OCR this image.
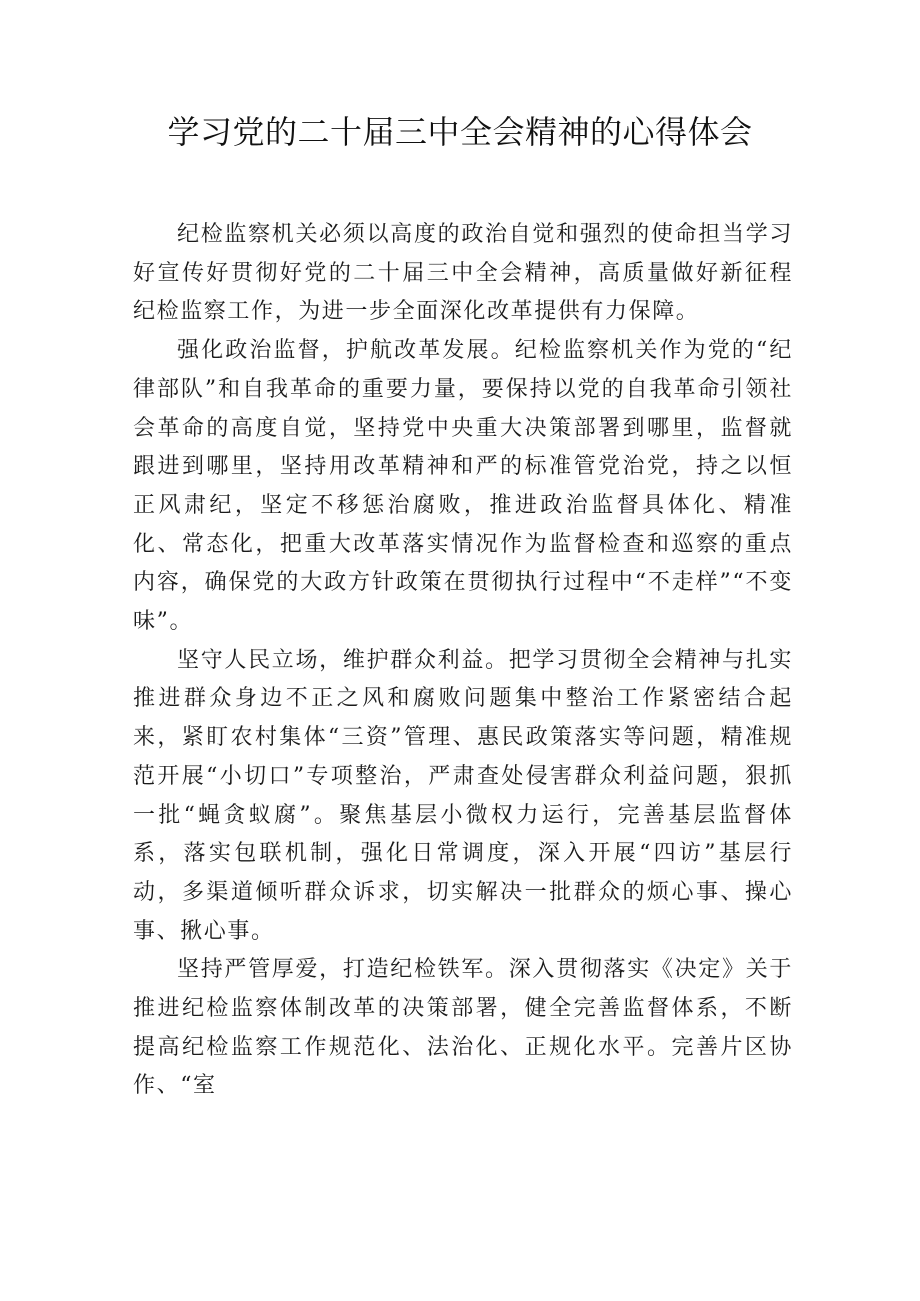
学习党的二十届三中全会精神的心得体会

纪检监察机关必须以高度的政治自觉和强烈的使命担当学习好宣传好贯彻好党的二十届三中全会精神，高质量做好新征程纪检监察工作，为进一步全面深化改革提供有力保障。

强化政治监督，护航改革发展。纪检监察机关作为党的“纪律部队”和自我革命的重要力量，要保持以党的自我革命引领社会革命的高度自觉，坚持党中央重大决策部署到哪里，监督就跟进到哪里，坚持用改革精神和严的标准管党治党，持之以恒正风肃纪，坚定不移惩治腐败，推进政治监督具体化、精准化、常态化，把重大改革落实情况作为监督检查和巡察的重点内容，确保党的大政方针政策在贯彻执行过程中“不走样”“不变味”。

坚守人民立场，维护群众利益。把学习贯彻全会精神与扎实推进群众身边不正之风和腐败问题集中整治工作紧密结合起来，紧盯农村集体“三资”管理、惠民政策落实等问题，精准规范开展“小切口”专项整治，严肃查处侵害群众利益问题，狠抓一批“蝇贪蚁腐”。聚焦基层小微权力运行，完善基层监督体系，落实包联机制，强化日常调度，深入开展“四访”基层行动，多渠道倾听群众诉求，切实解决一批群众的烦心事、操心事、揪心事。

坚持严管厚爱，打造纪检铁军。深入贯彻落实《决定》关于推进纪检监察体制改革的决策部署，健全完善监督体系，不断提高纪检监察工作规范化、法治化、正规化水平。完善片区协作、“室
